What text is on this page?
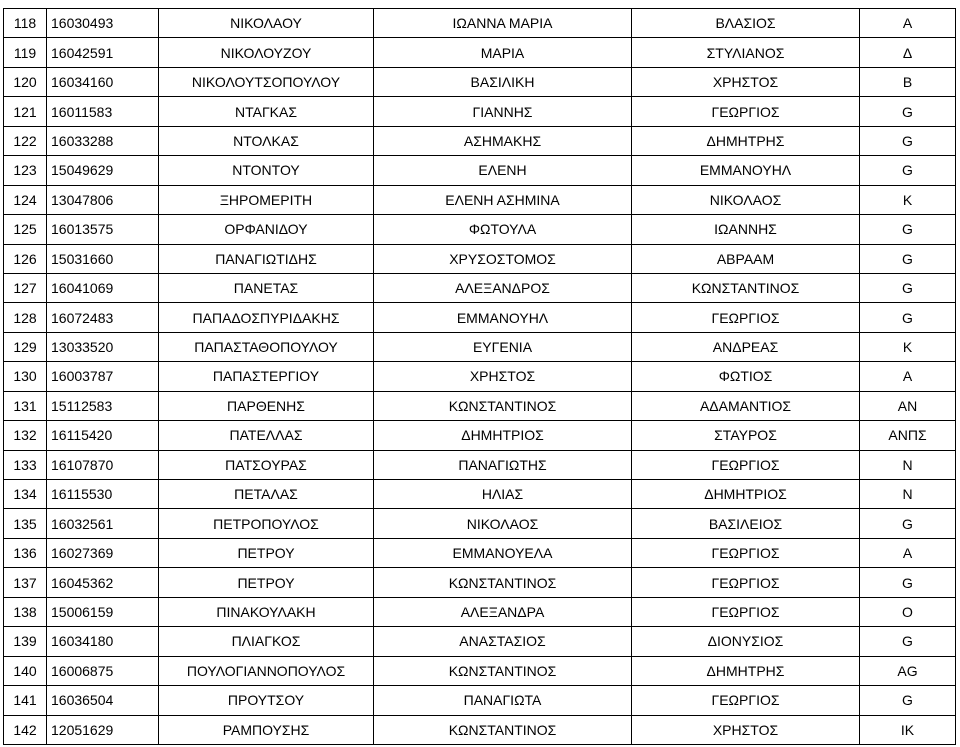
118	16030493	ΝΙΚΟΛΑΟΥ	ΙΩΑΝΝΑ ΜΑΡΙΑ	ΒΛΑΣΙΟΣ	Α
119	16042591	ΝΙΚΟΛΟΥΖΟΥ	ΜΑΡΙΑ	ΣΤΥΛΙΑΝΟΣ	Δ
120	16034160	ΝΙΚΟΛΟΥΤΣΟΠΟΥΛΟΥ	ΒΑΣΙΛΙΚΗ	ΧΡΗΣΤΟΣ	Β
121	16011583	ΝΤΑΓΚΑΣ	ΓΙΑΝΝΗΣ	ΓΕΩΡΓΙΟΣ	G
122	16033288	ΝΤΟΛΚΑΣ	ΑΣΗΜΑΚΗΣ	ΔΗΜΗΤΡΗΣ	G
123	15049629	ΝΤΟΝΤΟΥ	ΕΛΕΝΗ	ΕΜΜΑΝΟΥΗΛ	G
124	13047806	ΞΗΡΟΜΕΡΙΤΗ	ΕΛΕΝΗ ΑΣΗΜΙΝΑ	ΝΙΚΟΛΑΟΣ	Κ
125	16013575	ΟΡΦΑΝΙΔΟΥ	ΦΩΤΟΥΛΑ	ΙΩΑΝΝΗΣ	G
126	15031660	ΠΑΝΑΓΙΩΤΙΔΗΣ	ΧΡΥΣΟΣΤΟΜΟΣ	ΑΒΡΑΑΜ	G
127	16041069	ΠΑΝΕΤΑΣ	ΑΛΕΞΑΝΔΡΟΣ	ΚΩΝΣΤΑΝΤΙΝΟΣ	G
128	16072483	ΠΑΠΑΔΟΣΠΥΡΙΔΑΚΗΣ	ΕΜΜΑΝΟΥΗΛ	ΓΕΩΡΓΙΟΣ	G
129	13033520	ΠΑΠΑΣΤΑΘΟΠΟΥΛΟΥ	ΕΥΓΕΝΙΑ	ΑΝΔΡΕΑΣ	Κ
130	16003787	ΠΑΠΑΣΤΕΡΓΙΟΥ	ΧΡΗΣΤΟΣ	ΦΩΤΙΟΣ	Α
131	15112583	ΠΑΡΘΕΝΗΣ	ΚΩΝΣΤΑΝΤΙΝΟΣ	ΑΔΑΜΑΝΤΙΟΣ	ΑΝ
132	16115420	ΠΑΤΕΛΛΑΣ	ΔΗΜΗΤΡΙΟΣ	ΣΤΑΥΡΟΣ	ΑΝΠΣ
133	16107870	ΠΑΤΣΟΥΡΑΣ	ΠΑΝΑΓΙΩΤΗΣ	ΓΕΩΡΓΙΟΣ	Ν
134	16115530	ΠΕΤΑΛΑΣ	ΗΛΙΑΣ	ΔΗΜΗΤΡΙΟΣ	Ν
135	16032561	ΠΕΤΡΟΠΟΥΛΟΣ	ΝΙΚΟΛΑΟΣ	ΒΑΣΙΛΕΙΟΣ	G
136	16027369	ΠΕΤΡΟΥ	ΕΜΜΑΝΟΥΕΛΑ	ΓΕΩΡΓΙΟΣ	Α
137	16045362	ΠΕΤΡΟΥ	ΚΩΝΣΤΑΝΤΙΝΟΣ	ΓΕΩΡΓΙΟΣ	G
138	15006159	ΠΙΝΑΚΟΥΛΑΚΗ	ΑΛΕΞΑΝΔΡΑ	ΓΕΩΡΓΙΟΣ	Ο
139	16034180	ΠΛΙΑΓΚΟΣ	ΑΝΑΣΤΑΣΙΟΣ	ΔΙΟΝΥΣΙΟΣ	G
140	16006875	ΠΟΥΛΟΓΙΑΝΝΟΠΟΥΛΟΣ	ΚΩΝΣΤΑΝΤΙΝΟΣ	ΔΗΜΗΤΡΗΣ	AG
141	16036504	ΠΡΟΥΤΣΟΥ	ΠΑΝΑΓΙΩΤΑ	ΓΕΩΡΓΙΟΣ	G
142	12051629	ΡΑΜΠΟΥΣΗΣ	ΚΩΝΣΤΑΝΤΙΝΟΣ	ΧΡΗΣΤΟΣ	ΙΚ
